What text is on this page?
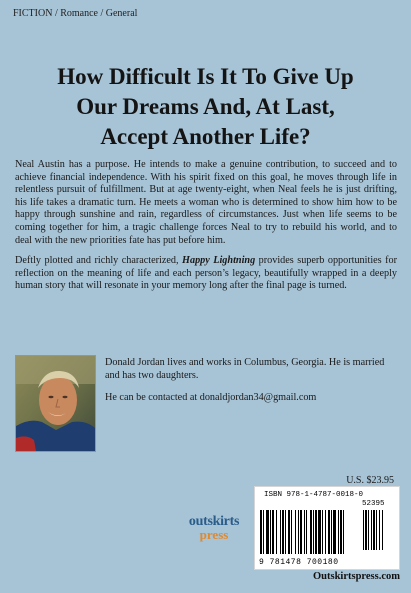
FICTION / Romance / General
How Difficult Is It To Give Up
Our Dreams And, At Last,
Accept Another Life?

Neal Austin has a purpose. He intends to make a genuine contribution, to succeed and to achieve financial independence. With his spirit fixed on this goal, he moves through life in relentless pursuit of fulfillment. But at age twenty-eight, when Neal feels he is just drifting, his life takes a dramatic turn. He meets a woman who is determined to show him how to be happy through sunshine and rain, regardless of circumstances. Just when life seems to be coming together for him, a tragic challenge forces Neal to try to rebuild his world, and to deal with the new priorities fate has put before him.

Deftly plotted and richly characterized, Happy Lightning provides superb opportunities for reflection on the meaning of life and each person’s legacy, beautifully wrapped in a deeply human story that will resonate in your memory long after the final page is turned.

Donald Jordan lives and works in Columbus, Georgia. He is married and has two daughters.

He can be contacted at donaldjordan34@gmail.com

U.S. $23.95
outskirts
press
ISBN 978-1-4787-0018-0
52395
9 781478 700180
Outskirtspress.com
